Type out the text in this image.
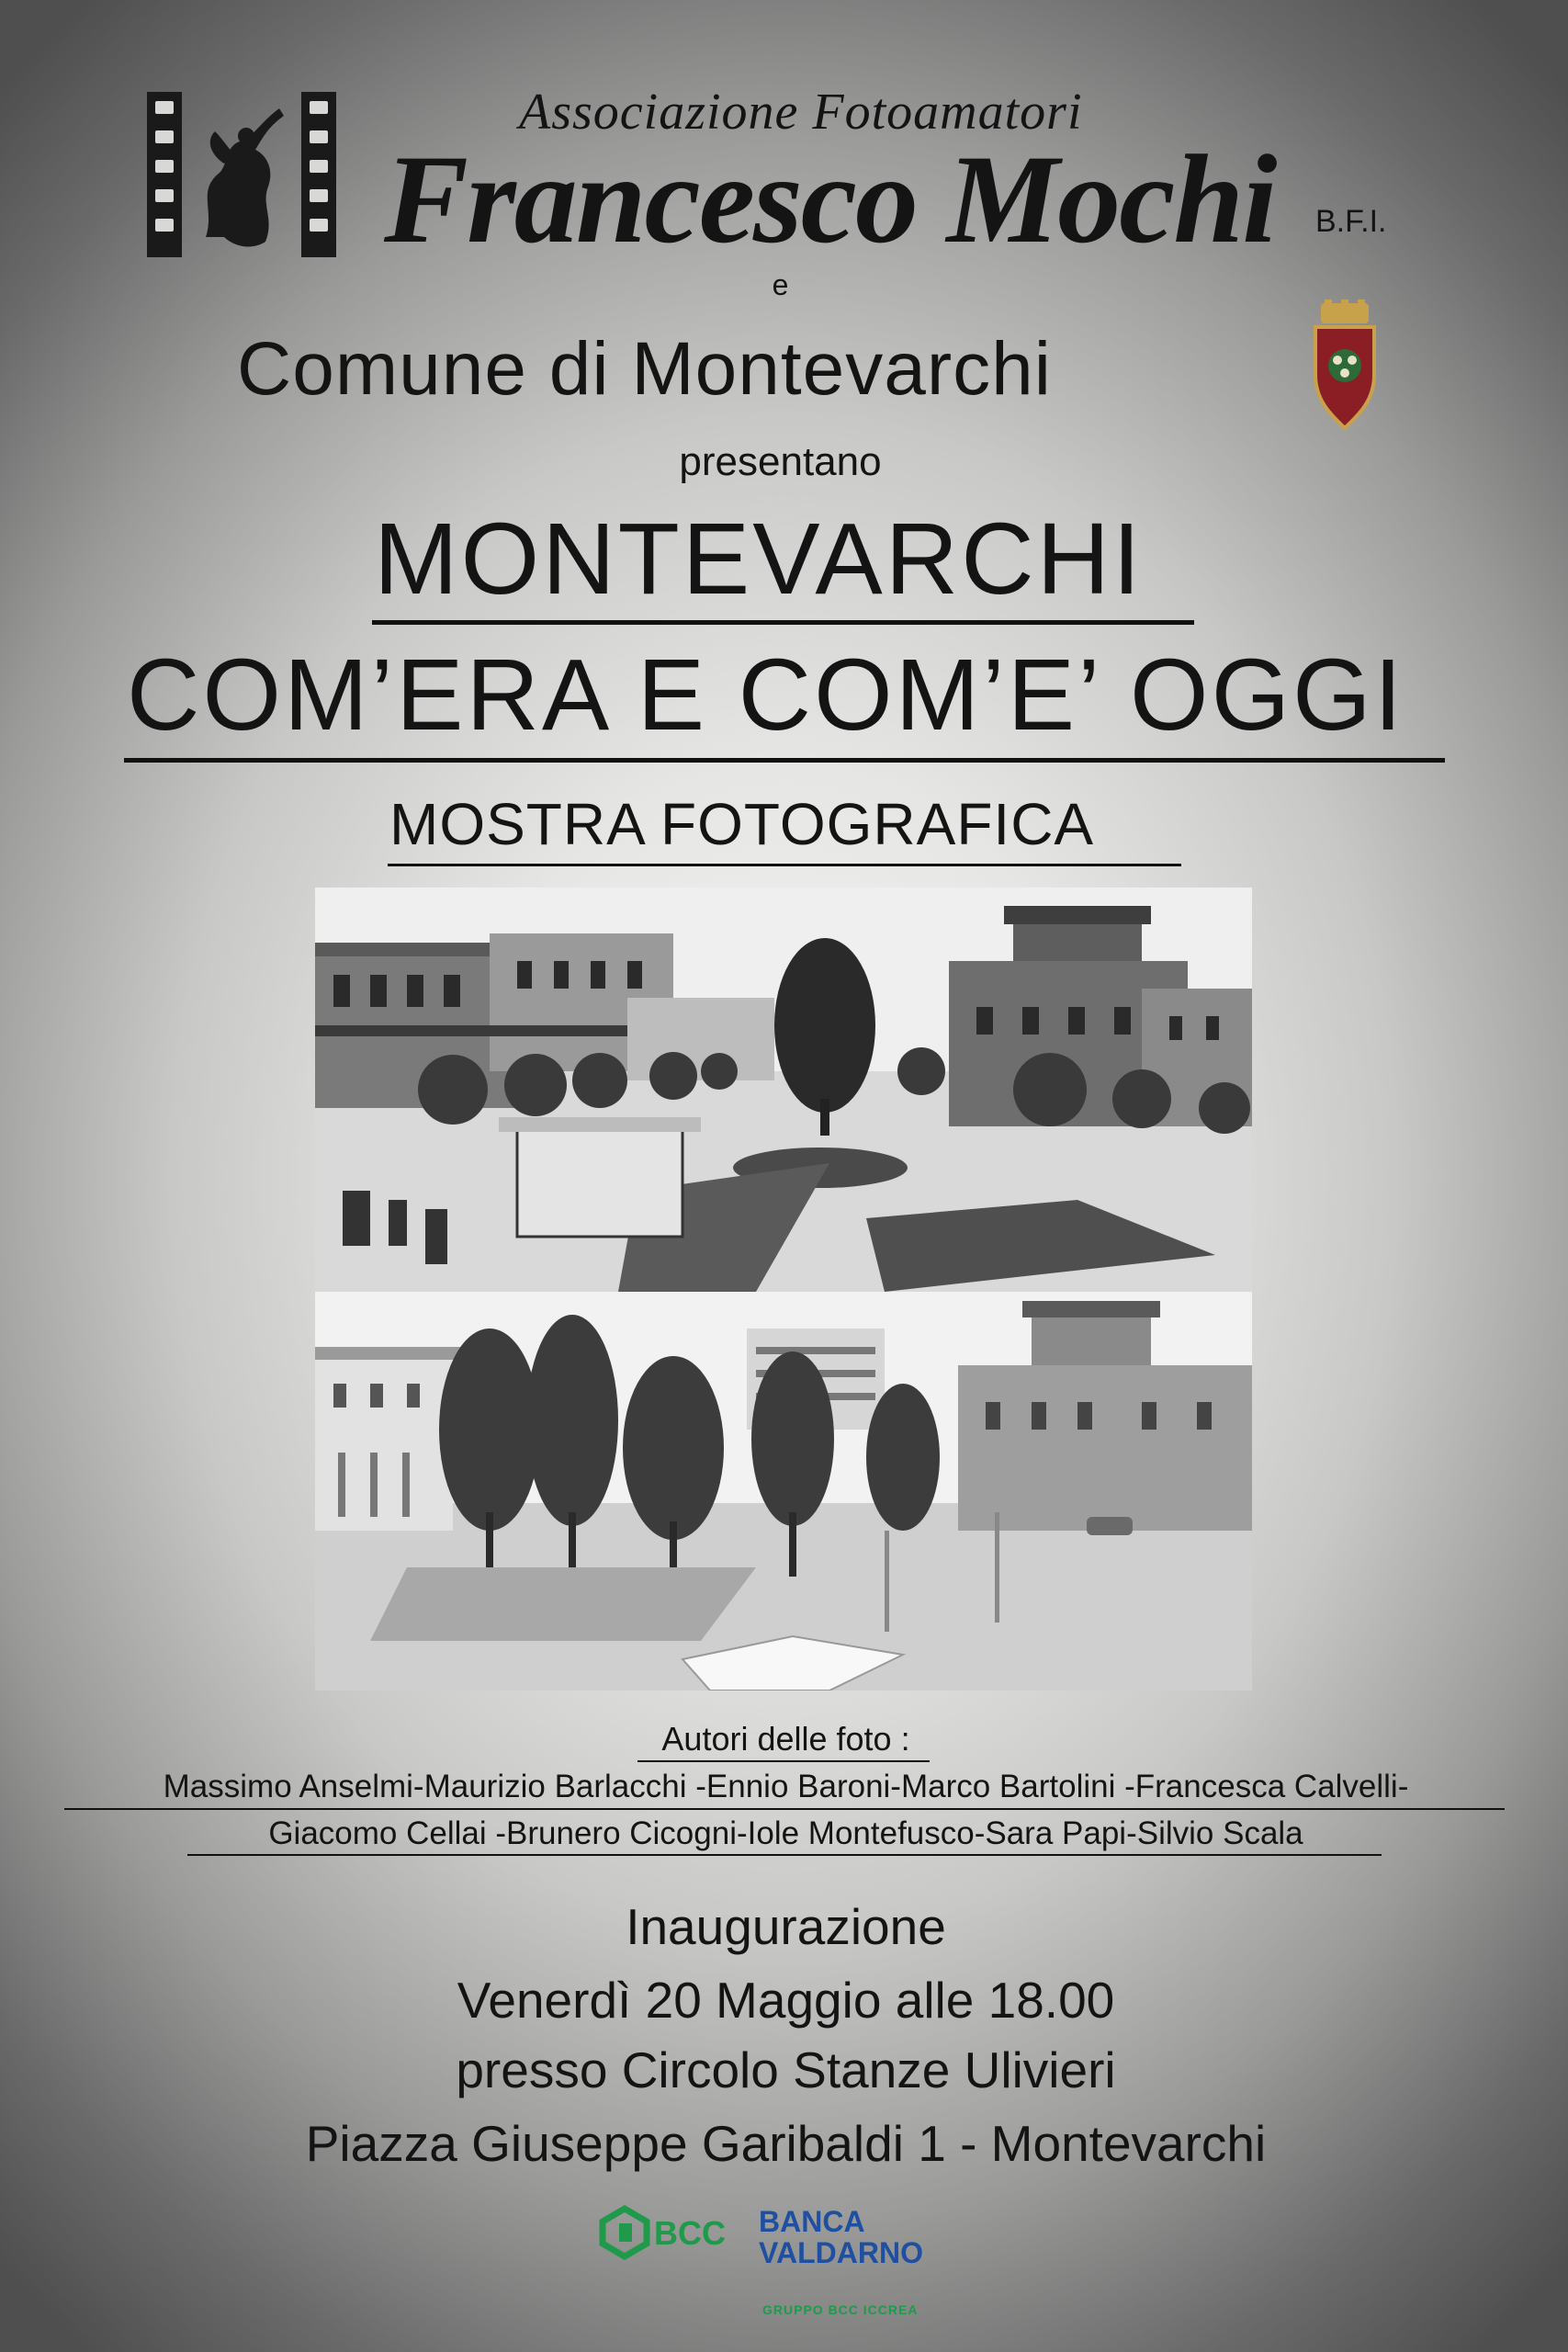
Associazione Fotoamatori
Francesco Mochi B.F.I.
e
Comune di Montevarchi
presentano
MONTEVARCHI
COM’ERA E COM’E’ OGGI
MOSTRA FOTOGRAFICA
Autori delle foto :
Massimo Anselmi-Maurizio Barlacchi -Ennio Baroni-Marco Bartolini -Francesca Calvelli-
Giacomo Cellai -Brunero Cicogni-Iole Montefusco-Sara Papi-Silvio Scala
Inaugurazione
Venerdì 20 Maggio alle 18.00
presso Circolo Stanze Ulivieri
Piazza Giuseppe Garibaldi 1 - Montevarchi
BCC BANCA
VALDARNO
GRUPPO BCC ICCREA
